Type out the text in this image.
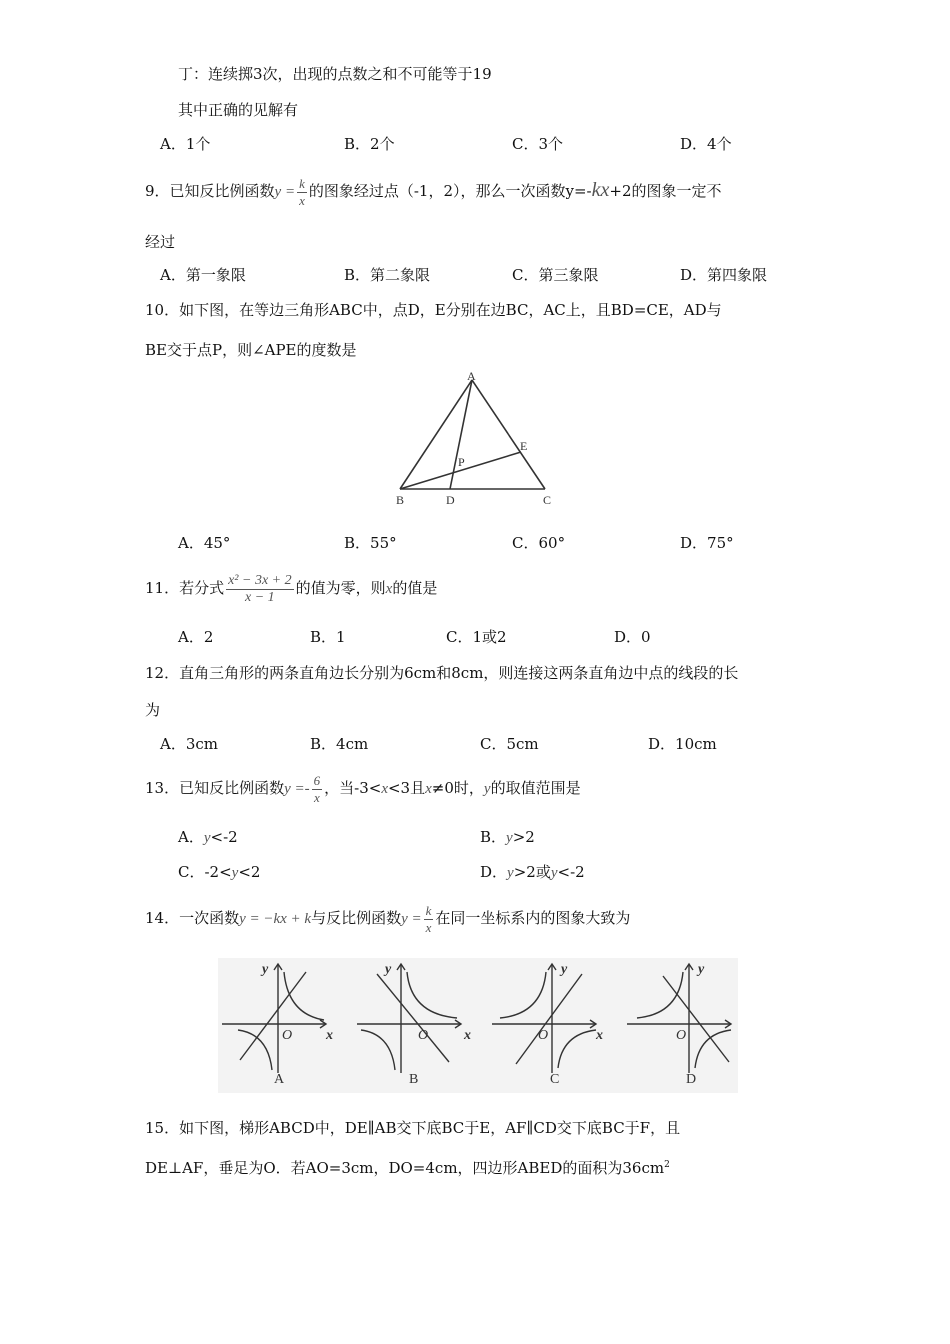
丁：连续掷3次，出现的点数之和不可能等于19
其中正确的见解有
A．1个	B．2个	C．3个	D．4个
9．已知反比例函数$y = \frac{k}{x}$ 的图象经过点（-1，2），那么一次函数y=-kx+2的图象一定不
经过
A．第一象限	B．第二象限	C．第三象限	D．第四象限
10．如下图，在等边三角形ABC中，点D，E分别在边BC，AC上，且BD=CE，AD与
BE交于点P，则∠APE的度数是
A
B	D	C
E
P
A．45°	B．55°	C．60°	D．75°
11．若分式 $\frac{\text{x² − 3x + 2}}{x - 1}$ 的值为零，则x的值是
A．2	B．1	C．1或2	D．0
12．直角三角形的两条直角边长分别为6cm和8cm，则连接这两条直角边中点的线段的长
为
A．3cm	B．4cm	C．5cm	D．10cm
13．已知反比例函数$y =- \frac{6}{x}$ ，当-3<x<3且x≠0时，y的取值范围是
A．y<-2	B．y>2
C．-2<y<2	D．y>2或y<-2
14．一次函数y = −kx + k与反比例函数$y = \frac{k}{x}$ 在同一坐标系内的图象大致为
y
x
O
A
y
x
O
B
y
x
O
C
y
O
D
15．如下图，梯形ABCD中，DE∥AB交下底BC于E，AF∥CD交下底BC于F，且
DE⊥AF，垂足为O．若AO=3cm，DO=4cm，四边形ABED的面积为$36cm^2$
